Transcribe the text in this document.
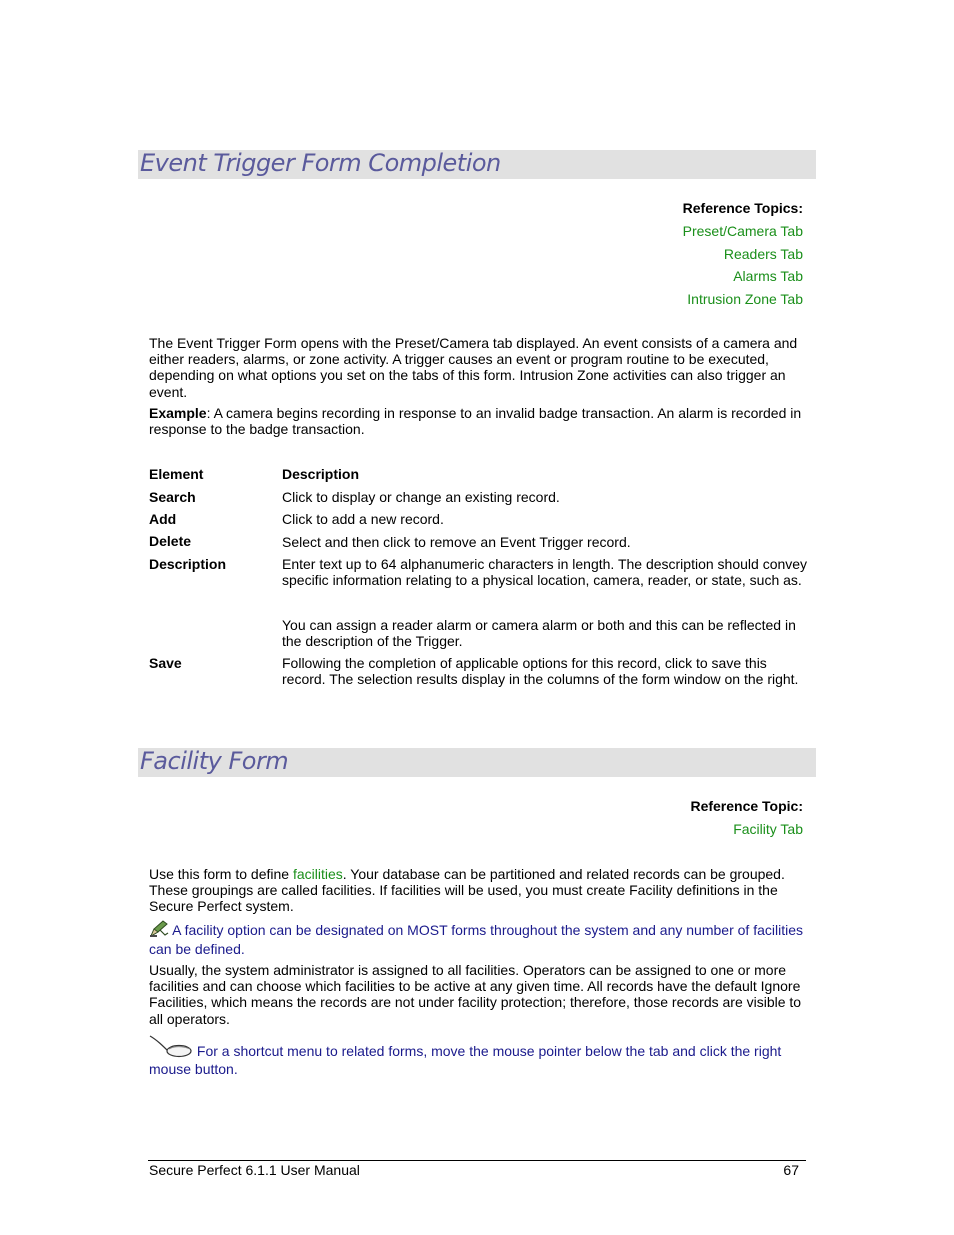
Event Trigger Form Completion
Reference Topics:
Preset/Camera Tab
Readers Tab
Alarms Tab
Intrusion Zone Tab
The Event Trigger Form opens with the Preset/Camera tab displayed. An event consists of a camera and either readers, alarms, or zone activity. A trigger causes an event or program routine to be executed, depending on what options you set on the tabs of this form. Intrusion Zone activities can also trigger an event.
Example: A camera begins recording in response to an invalid badge transaction. An alarm is recorded in response to the badge transaction.
Element	Description
Search	Click to display or change an existing record.
Add	Click to add a new record.
Delete	Select and then click to remove an Event Trigger record.
Description	Enter text up to 64 alphanumeric characters in length. The description should convey specific information relating to a physical location, camera, reader, or state, such as.
You can assign a reader alarm or camera alarm or both and this can be reflected in the description of the Trigger.
Save	Following the completion of applicable options for this record, click to save this record. The selection results display in the columns of the form window on the right.
Facility Form
Reference Topic:
Facility Tab
Use this form to define facilities. Your database can be partitioned and related records can be grouped. These groupings are called facilities. If facilities will be used, you must create Facility definitions in the Secure Perfect system.
A facility option can be designated on MOST forms throughout the system and any number of facilities can be defined.
Usually, the system administrator is assigned to all facilities. Operators can be assigned to one or more facilities and can choose which facilities to be active at any given time. All records have the default Ignore Facilities, which means the records are not under facility protection; therefore, those records are visible to all operators.
For a shortcut menu to related forms, move the mouse pointer below the tab and click the right mouse button.
Secure Perfect 6.1.1 User Manual	67
